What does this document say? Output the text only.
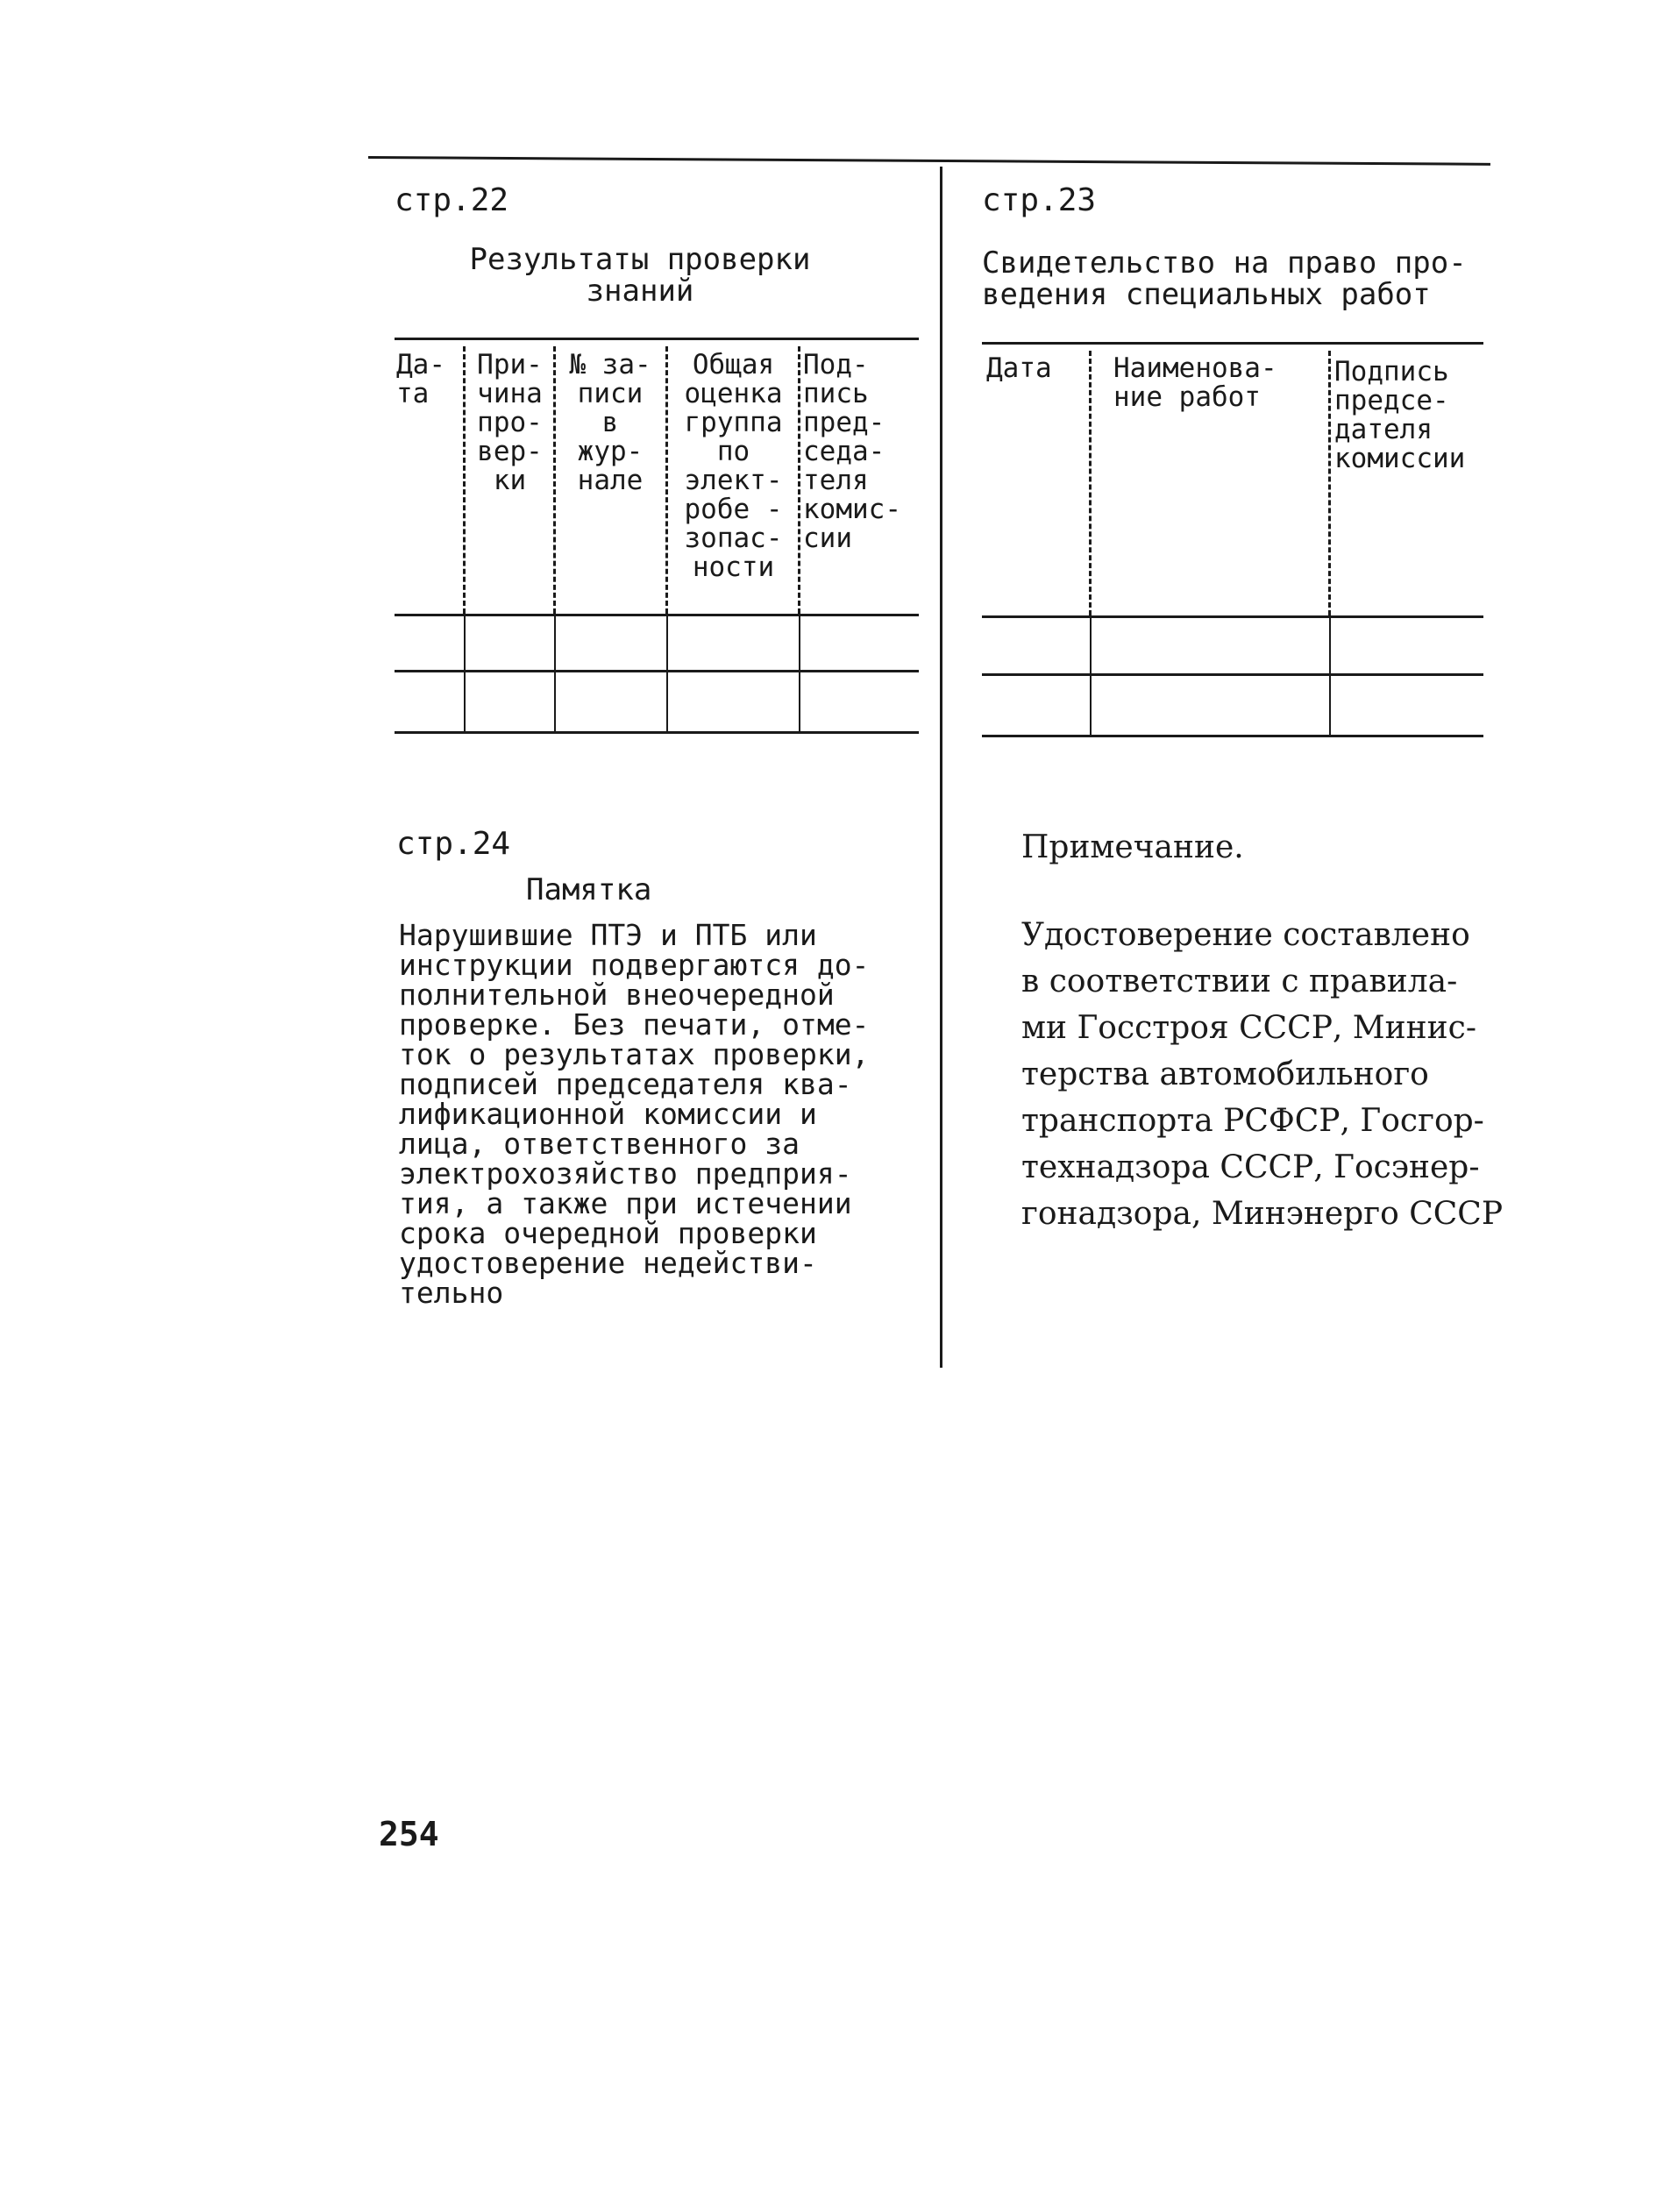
стр.22
Результаты проверки
знаний
Да-
та
При-
чина
про-
вер-
ки
№ за-
писи
в
жур-
нале
Общая
оценка
группа
по
элект-
робе -
зопас-
ности
Под-
пись
пред-
седа-
теля
комис-
сии
стр.23
Свидетельство на право про-
ведения специальных работ
Дата Наименова-
ние работ
Подпись
предсе-
дателя
комиссии
стр.24
Памятка
Нарушившие ПТЭ и ПТБ или
инструкции подвергаются до-
полнительной внеочередной
проверке. Без печати, отме-
ток о результатах проверки,
подписей председателя ква-
лификационной комиссии и
лица, ответственного за
электрохозяйство предприя-
тия, а также при истечении
срока очередной проверки
удостоверение недействи-
тельно
Примечание.
Удостоверение составлено
в соответствии с правила-
ми Госстроя СССР, Минис-
терства автомобильного
транспорта РСФСР, Госгор-
технадзора СССР, Госэнер-
гонадзора, Минэнерго СССР
254
